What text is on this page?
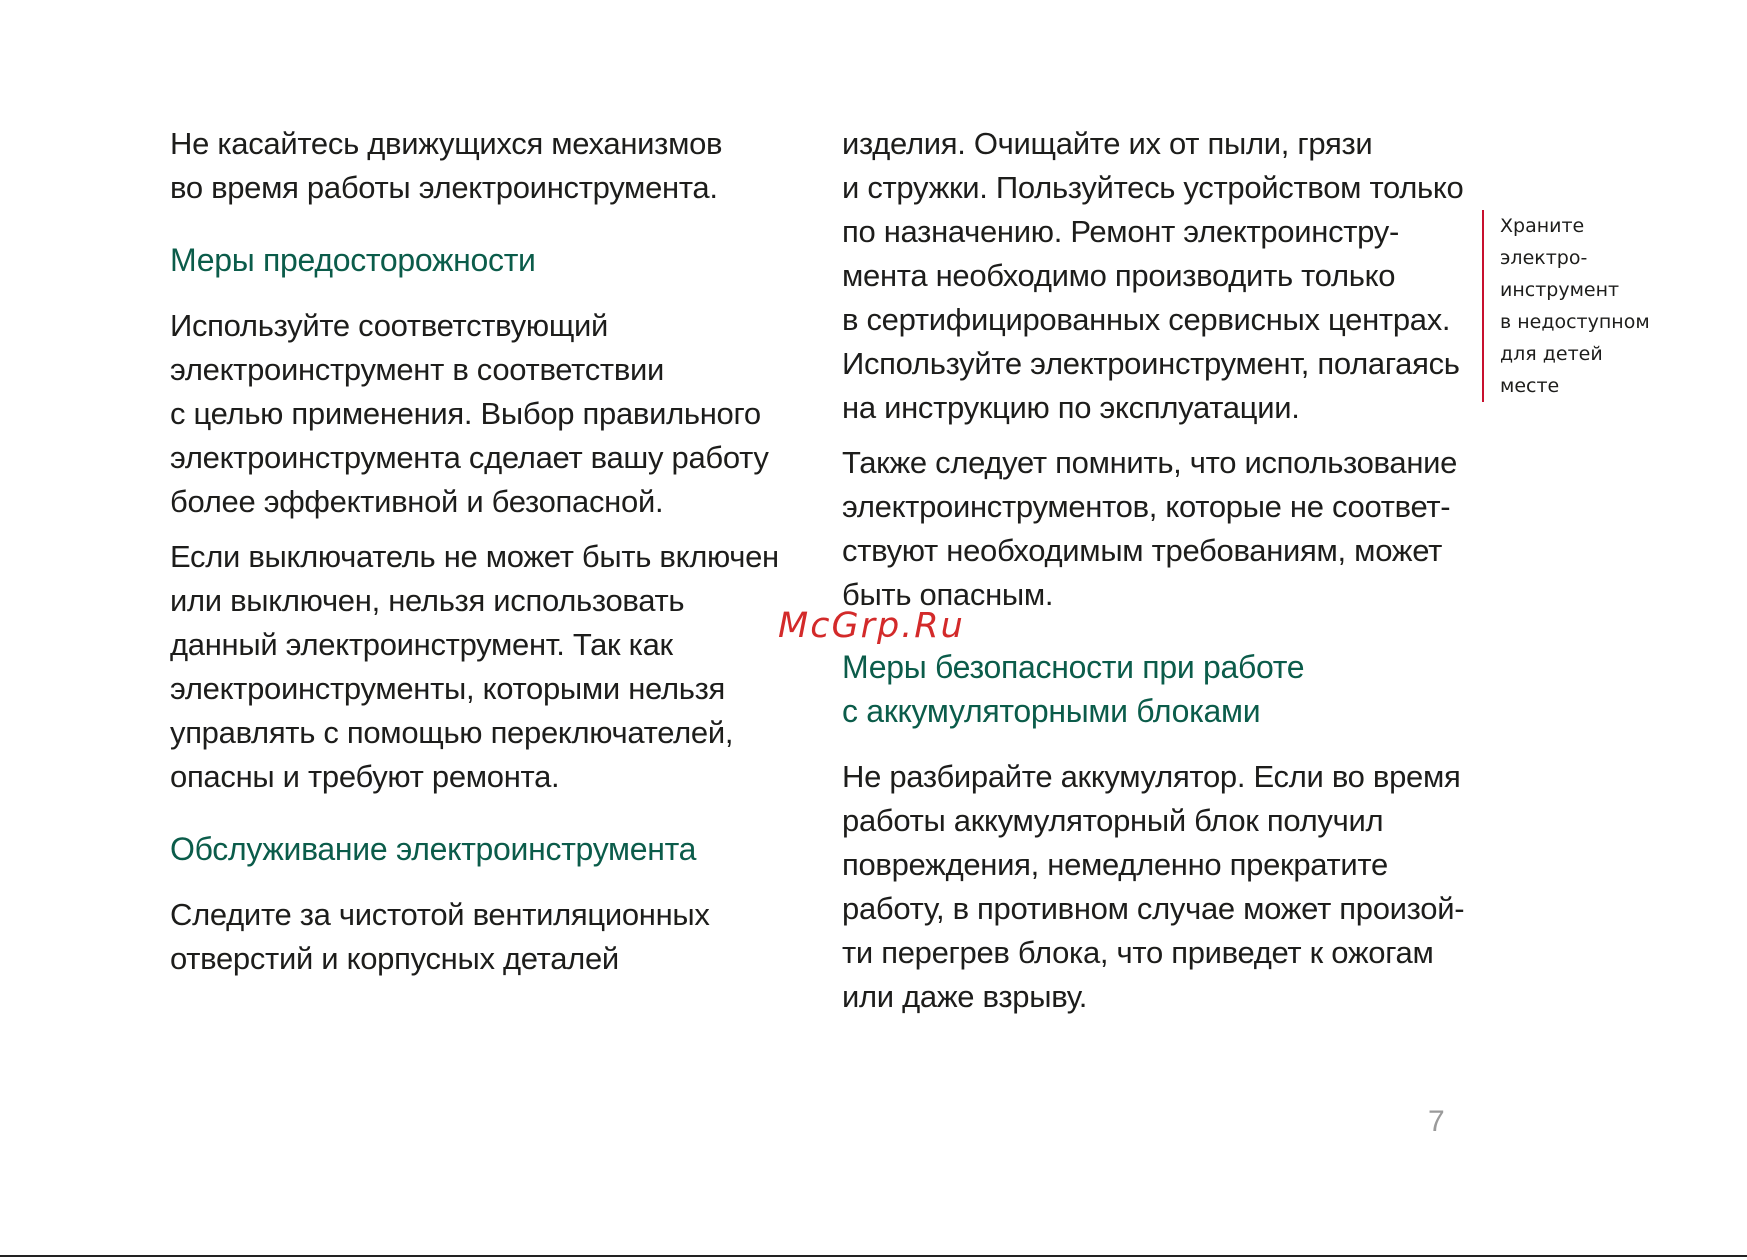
Не касайтесь движущихся механизмов
во время работы электроинструмента.
Меры предосторожности
Используйте соответствующий
электроинструмент в соответствии
с целью применения. Выбор правильного
электроинструмента сделает вашу работу
более эффективной и безопасной.
Если выключатель не может быть включен
или выключен, нельзя использовать
данный электроинструмент. Так как
электроинструменты, которыми нельзя
управлять с помощью переключателей,
опасны и требуют ремонта.
Обслуживание электроинструмента
Следите за чистотой вентиляционных
отверстий и корпусных деталей
изделия. Очищайте их от пыли, грязи
и стружки. Пользуйтесь устройством только
по назначению. Ремонт электроинстру-
мента необходимо производить только
в сертифицированных сервисных центрах.
Используйте электроинструмент, полагаясь
на инструкцию по эксплуатации.
Также следует помнить, что использование
электроинструментов, которые не соответ-
ствуют необходимым требованиям, может
быть опасным.
Меры безопасности при работе
с аккумуляторными блоками
Не разбирайте аккумулятор. Если во время
работы аккумуляторный блок получил
повреждения, немедленно прекратите
работу, в противном случае может произой-
ти перегрев блока, что приведет к ожогам
или даже взрыву.
Храните
электро-
инструмент
в недоступном
для детей
месте
McGrp.Ru
7
